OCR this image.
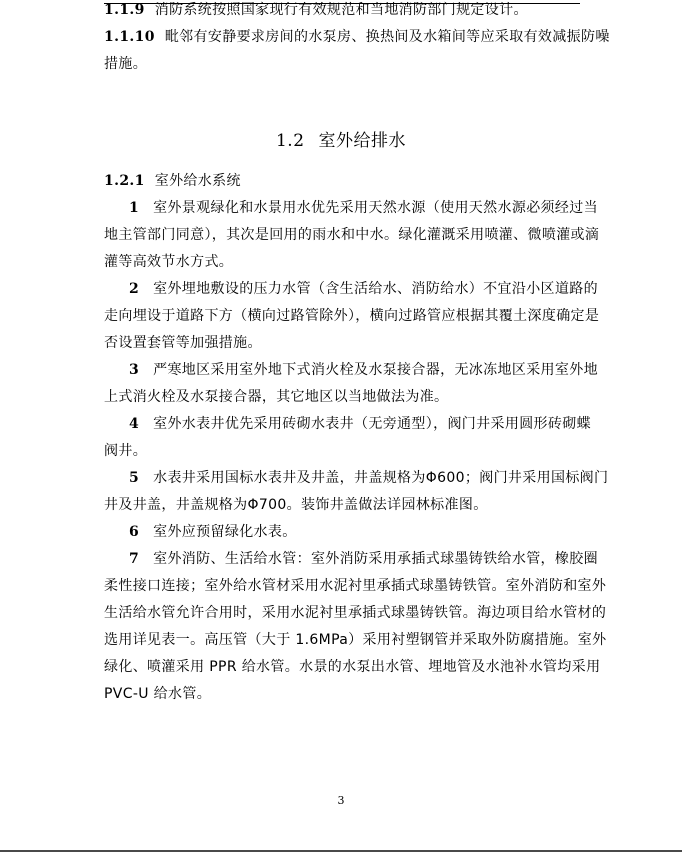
1.1.9 消防系统按照国家现行有效规范和当地消防部门规定设计。
1.1.10 毗邻有安静要求房间的水泵房、换热间及水箱间等应采取有效减振防噪
措施。
1.2 室外给排水
1.2.1 室外给水系统
1 室外景观绿化和水景用水优先采用天然水源（使用天然水源必须经过当
地主管部门同意），其次是回用的雨水和中水。绿化灌溉采用喷灌、微喷灌或滴
灌等高效节水方式。
2 室外埋地敷设的压力水管（含生活给水、消防给水）不宜沿小区道路的
走向埋设于道路下方（横向过路管除外），横向过路管应根据其覆土深度确定是
否设置套管等加强措施。
3 严寒地区采用室外地下式消火栓及水泵接合器，无冰冻地区采用室外地
上式消火栓及水泵接合器，其它地区以当地做法为准。
4 室外水表井优先采用砖砌水表井（无旁通型），阀门井采用圆形砖砌蝶
阀井。
5 水表井采用国标水表井及井盖，井盖规格为Φ600；阀门井采用国标阀门
井及井盖，井盖规格为Φ700。装饰井盖做法详园林标准图。
6 室外应预留绿化水表。
7 室外消防、生活给水管：室外消防采用承插式球墨铸铁给水管，橡胶圈
柔性接口连接；室外给水管材采用水泥衬里承插式球墨铸铁管。室外消防和室外
生活给水管允许合用时，采用水泥衬里承插式球墨铸铁管。海边项目给水管材的
选用详见表一。高压管（大于 1.6MPa）采用衬塑钢管并采取外防腐措施。室外
绿化、喷灌采用 PPR 给水管。水景的水泵出水管、埋地管及水池补水管均采用
PVC-U 给水管。
3
